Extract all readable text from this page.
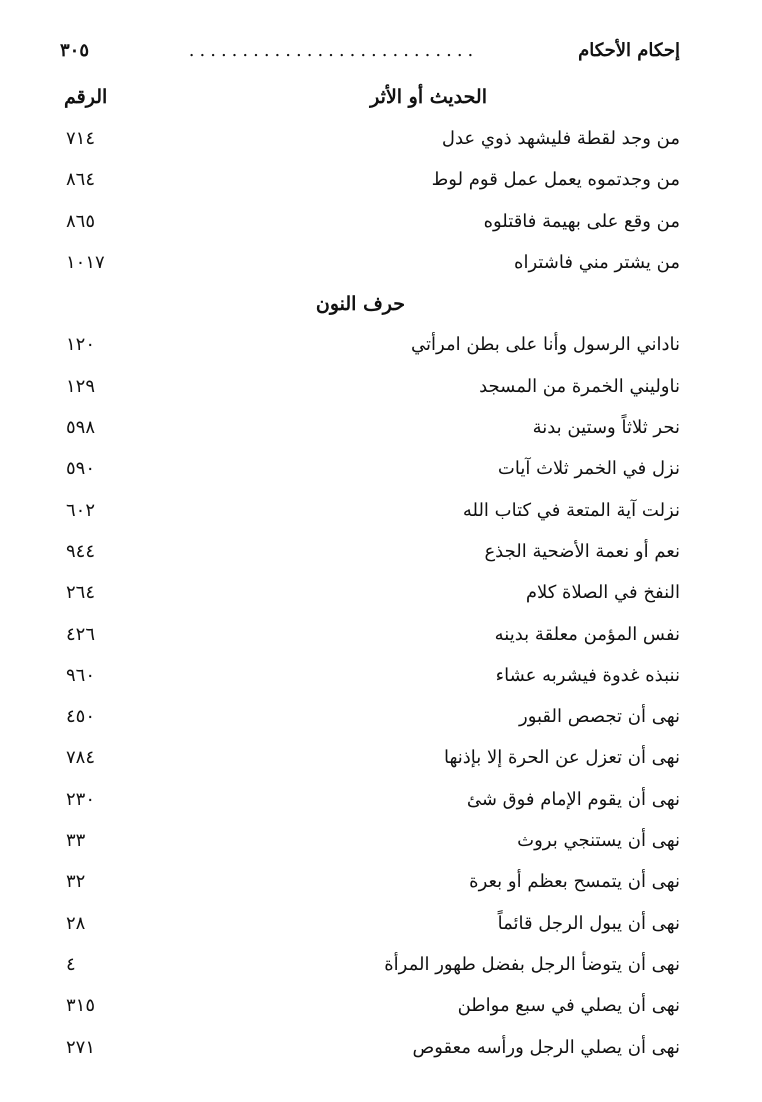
إحكام الأحكام
...........................
٣٠٥
الحديث أو الأثر
الرقم
من وجد لقطة فليشهد ذوي عدل
٧١٤
من وجدتموه يعمل عمل قوم لوط
٨٦٤
من وقع على بهيمة فاقتلوه
٨٦٥
من يشتر مني فاشتراه
١٠١٧
حرف النون
ناداني الرسول وأنا على بطن امرأتي
١٢٠
ناوليني الخمرة من المسجد
١٢٩
نحر ثلاثاً وستين بدنة
٥٩٨
نزل في الخمر ثلاث آيات
٥٩٠
نزلت آية المتعة في كتاب الله
٦٠٢
نعم أو نعمة الأضحية الجذع
٩٤٤
النفخ في الصلاة كلام
٢٦٤
نفس المؤمن معلقة بدينه
٤٢٦
ننبذه غدوة فيشربه عشاء
٩٦٠
نهى أن تجصص القبور
٤٥٠
نهى أن تعزل عن الحرة إلا بإذنها
٧٨٤
نهى أن يقوم الإمام فوق شئ
٢٣٠
نهى أن يستنجي بروث
٣٣
نهى أن يتمسح بعظم أو بعرة
٣٢
نهى أن يبول الرجل قائماً
٢٨
نهى أن يتوضأ الرجل بفضل طهور المرأة
٤
نهى أن يصلي في سبع مواطن
٣١٥
نهى أن يصلي الرجل ورأسه معقوص
٢٧١
